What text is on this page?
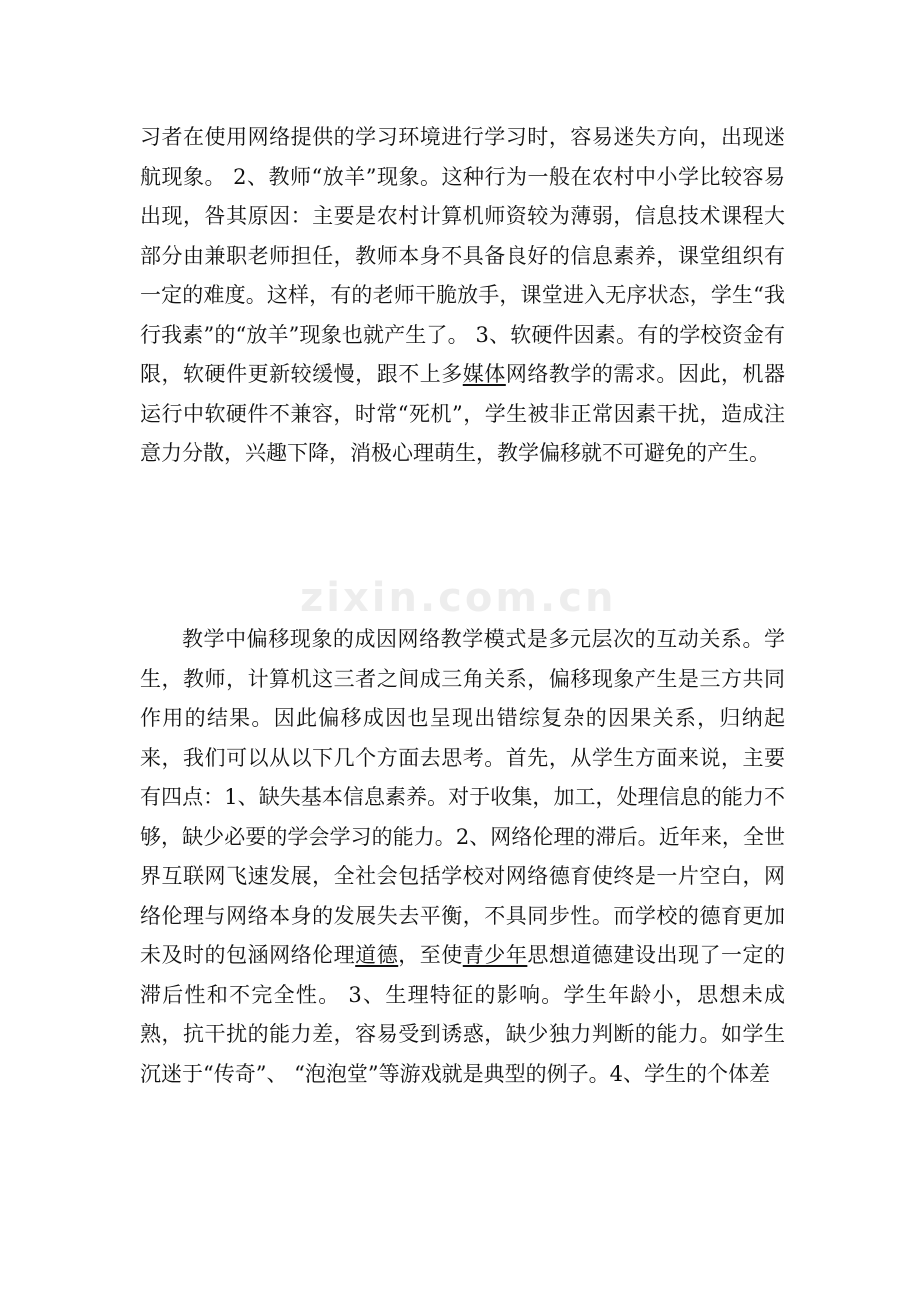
zixin.com.cn

习者在使用网络提供的学习环境进行学习时，容易迷失方向，出现迷航现象。 2、教师“放羊”现象。这种行为一般在农村中小学比较容易出现，咎其原因：主要是农村计算机师资较为薄弱，信息技术课程大部分由兼职老师担任，教师本身不具备良好的信息素养，课堂组织有一定的难度。这样，有的老师干脆放手，课堂进入无序状态，学生“我行我素”的“放羊”现象也就产生了。 3、软硬件因素。有的学校资金有限，软硬件更新较缓慢，跟不上多媒体网络教学的需求。因此，机器运行中软硬件不兼容，时常“死机”，学生被非正常因素干扰，造成注意力分散，兴趣下降，消极心理萌生，教学偏移就不可避免的产生。

教学中偏移现象的成因网络教学模式是多元层次的互动关系。学生，教师，计算机这三者之间成三角关系，偏移现象产生是三方共同作用的结果。因此偏移成因也呈现出错综复杂的因果关系，归纳起来，我们可以从以下几个方面去思考。首先，从学生方面来说，主要有四点：1、缺失基本信息素养。对于收集，加工，处理信息的能力不够，缺少必要的学会学习的能力。2、网络伦理的滞后。近年来，全世界互联网飞速发展，全社会包括学校对网络德育使终是一片空白，网络伦理与网络本身的发展失去平衡，不具同步性。而学校的德育更加未及时的包涵网络伦理道德，至使青少年思想道德建设出现了一定的滞后性和不完全性。 3、生理特征的影响。学生年龄小，思想未成熟，抗干扰的能力差，容易受到诱惑，缺少独力判断的能力。如学生沉迷于“传奇”、 “泡泡堂”等游戏就是典型的例子。4、学生的个体差
